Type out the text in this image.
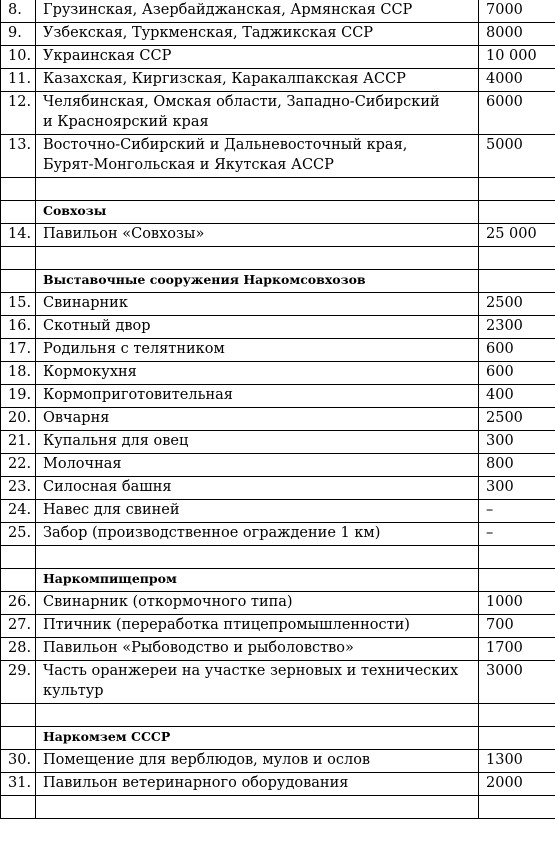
8.	Грузинская, Азербайджанская, Армянская ССР	7000
9.	Узбекская, Туркменская, Таджикская ССР	8000
10.	Украинская ССР	10 000
11.	Казахская, Киргизская, Каракалпакская АССР	4000
12.	Челябинская, Омская области, Западно-Сибирский
и Красноярский края	6000
13.	Восточно-Сибирский и Дальневосточный края,
Бурят-Монгольская и Якутская АССР	5000

	Совхозы	
14.	Павильон «Совхозы»	25 000

	Выставочные сооружения Наркомсовхозов	
15.	Свинарник	2500
16.	Скотный двор	2300
17.	Родильня с телятником	600
18.	Кормокухня	600
19.	Кормоприготовительная	400
20.	Овчарня	2500
21.	Купальня для овец	300
22.	Молочная	800
23.	Силосная башня	300
24.	Навес для свиней	–
25.	Забор (производственное ограждение 1 км)	–

	Наркомпищепром	
26.	Свинарник (откормочного типа)	1000
27.	Птичник (переработка птицепромышленности)	700
28.	Павильон «Рыбоводство и рыболовство»	1700
29.	Часть оранжереи на участке зерновых и технических
культур	3000

	Наркомзем СССР	
30.	Помещение для верблюдов, мулов и ослов	1300
31.	Павильон ветеринарного оборудования	2000
